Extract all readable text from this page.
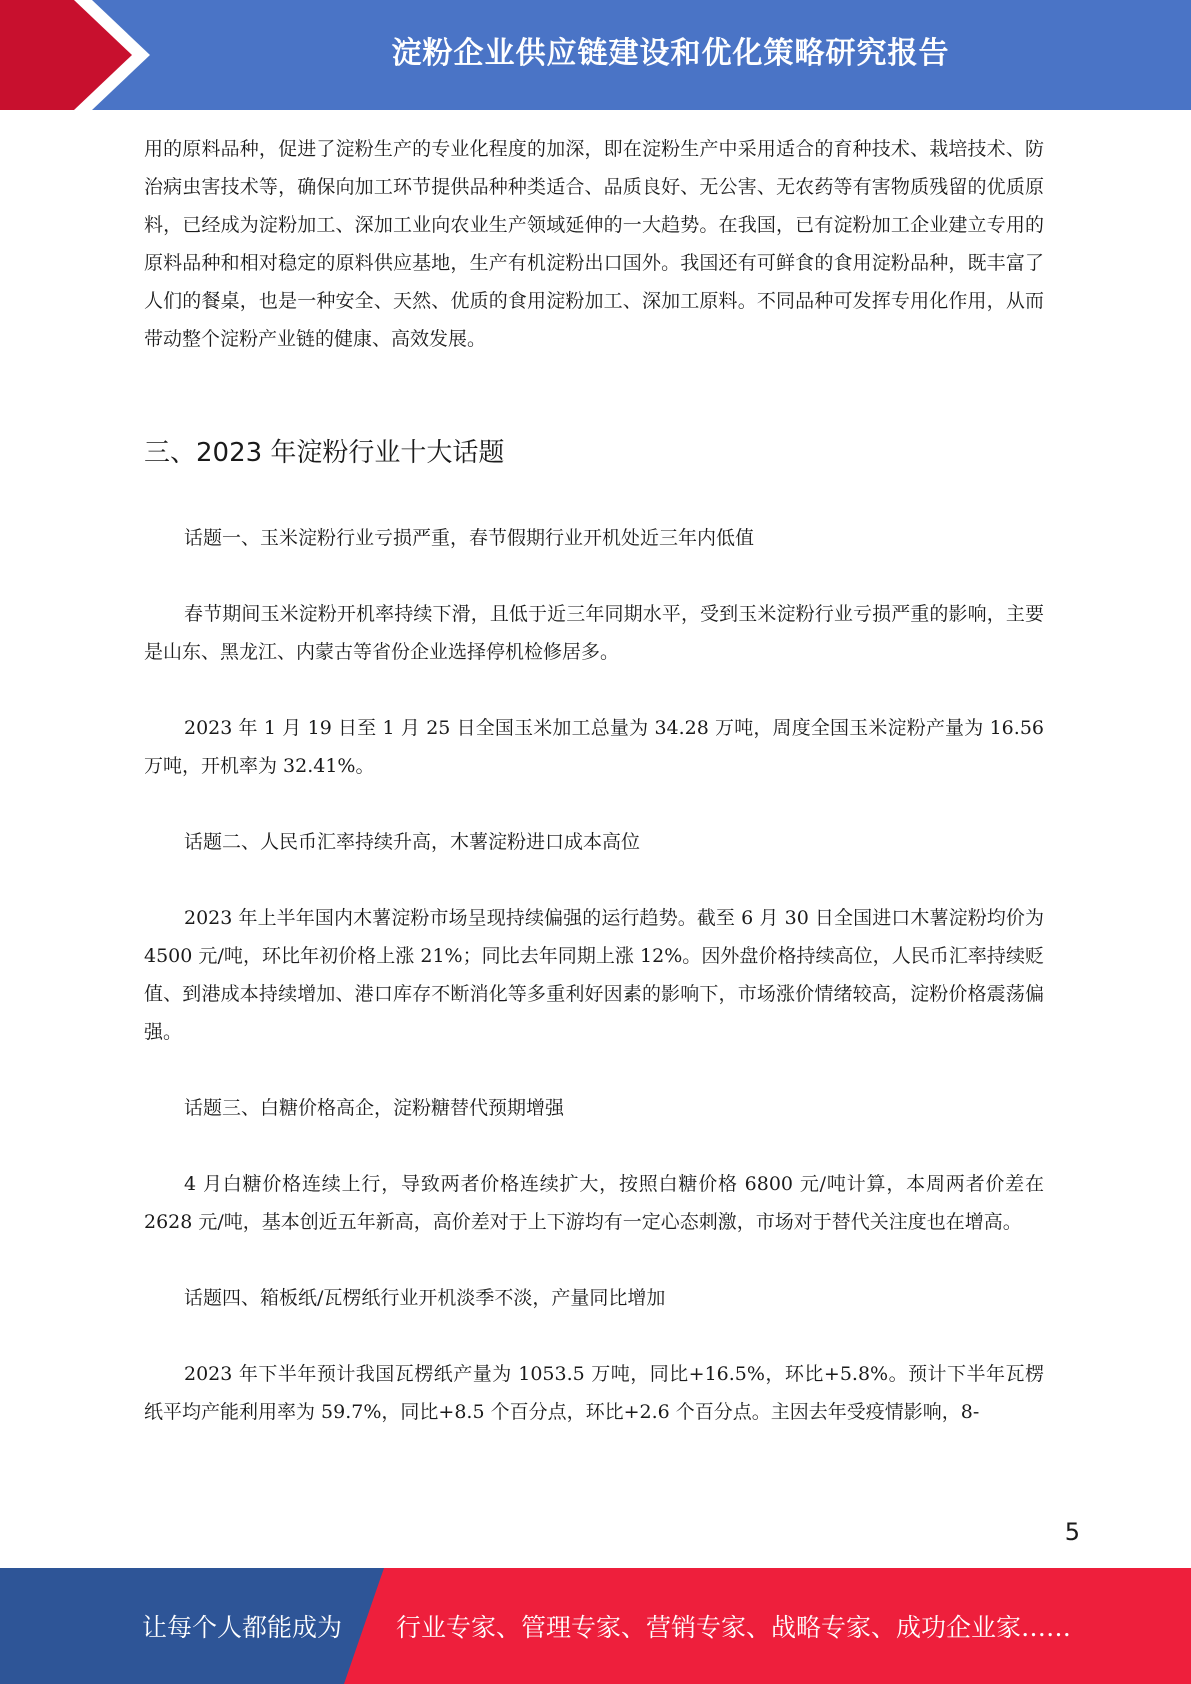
淀粉企业供应链建设和优化策略研究报告

用的原料品种，促进了淀粉生产的专业化程度的加深，即在淀粉生产中采用适合的育种技术、栽培技术、防治病虫害技术等，确保向加工环节提供品种种类适合、品质良好、无公害、无农药等有害物质残留的优质原料，已经成为淀粉加工、深加工业向农业生产领域延伸的一大趋势。在我国，已有淀粉加工企业建立专用的原料品种和相对稳定的原料供应基地，生产有机淀粉出口国外。我国还有可鲜食的食用淀粉品种，既丰富了人们的餐桌，也是一种安全、天然、优质的食用淀粉加工、深加工原料。不同品种可发挥专用化作用，从而带动整个淀粉产业链的健康、高效发展。

三、2023 年淀粉行业十大话题

话题一、玉米淀粉行业亏损严重，春节假期行业开机处近三年内低值

春节期间玉米淀粉开机率持续下滑，且低于近三年同期水平，受到玉米淀粉行业亏损严重的影响，主要是山东、黑龙江、内蒙古等省份企业选择停机检修居多。

2023 年 1 月 19 日至 1 月 25 日全国玉米加工总量为 34.28 万吨，周度全国玉米淀粉产量为 16.56 万吨，开机率为 32.41%。

话题二、人民币汇率持续升高，木薯淀粉进口成本高位

2023 年上半年国内木薯淀粉市场呈现持续偏强的运行趋势。截至 6 月 30 日全国进口木薯淀粉均价为 4500 元/吨，环比年初价格上涨 21%；同比去年同期上涨 12%。因外盘价格持续高位，人民币汇率持续贬值、到港成本持续增加、港口库存不断消化等多重利好因素的影响下，市场涨价情绪较高，淀粉价格震荡偏强。

话题三、白糖价格高企，淀粉糖替代预期增强

4 月白糖价格连续上行，导致两者价格连续扩大，按照白糖价格 6800 元/吨计算，本周两者价差在 2628 元/吨，基本创近五年新高，高价差对于上下游均有一定心态刺激，市场对于替代关注度也在增高。

话题四、箱板纸/瓦楞纸行业开机淡季不淡，产量同比增加

2023 年下半年预计我国瓦楞纸产量为 1053.5 万吨，同比+16.5%，环比+5.8%。预计下半年瓦楞纸平均产能利用率为 59.7%，同比+8.5 个百分点，环比+2.6 个百分点。主因去年受疫情影响，8-

5
让每个人都能成为 行业专家、管理专家、营销专家、战略专家、成功企业家……
